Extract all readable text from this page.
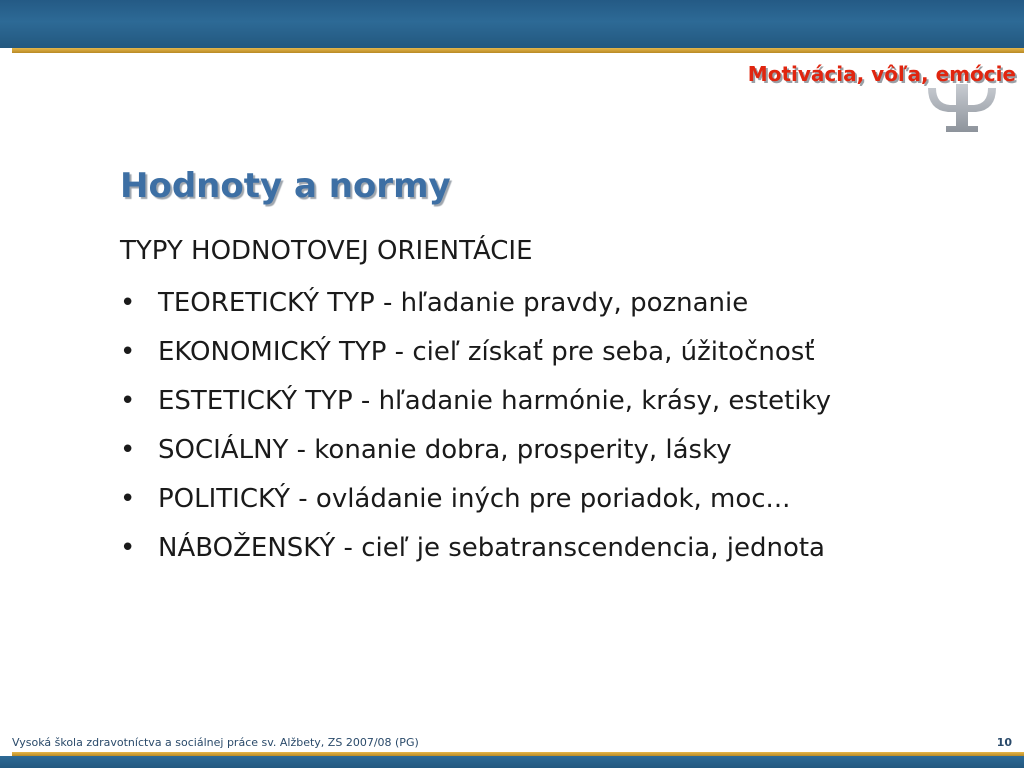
Motivácia, vôľa, emócie
Hodnoty a normy
TYPY HODNOTOVEJ ORIENTÁCIE
• TEORETICKÝ TYP - hľadanie pravdy, poznanie
• EKONOMICKÝ TYP - cieľ získať pre seba, úžitočnosť
• ESTETICKÝ TYP - hľadanie harmónie, krásy, estetiky
• SOCIÁLNY - konanie dobra, prosperity, lásky
• POLITICKÝ - ovládanie iných pre poriadok, moc...
• NÁBOŽENSKÝ - cieľ je sebatranscendencia, jednota
Vysoká škola zdravotníctva a sociálnej práce sv. Alžbety, ZS 2007/08 (PG)	10
